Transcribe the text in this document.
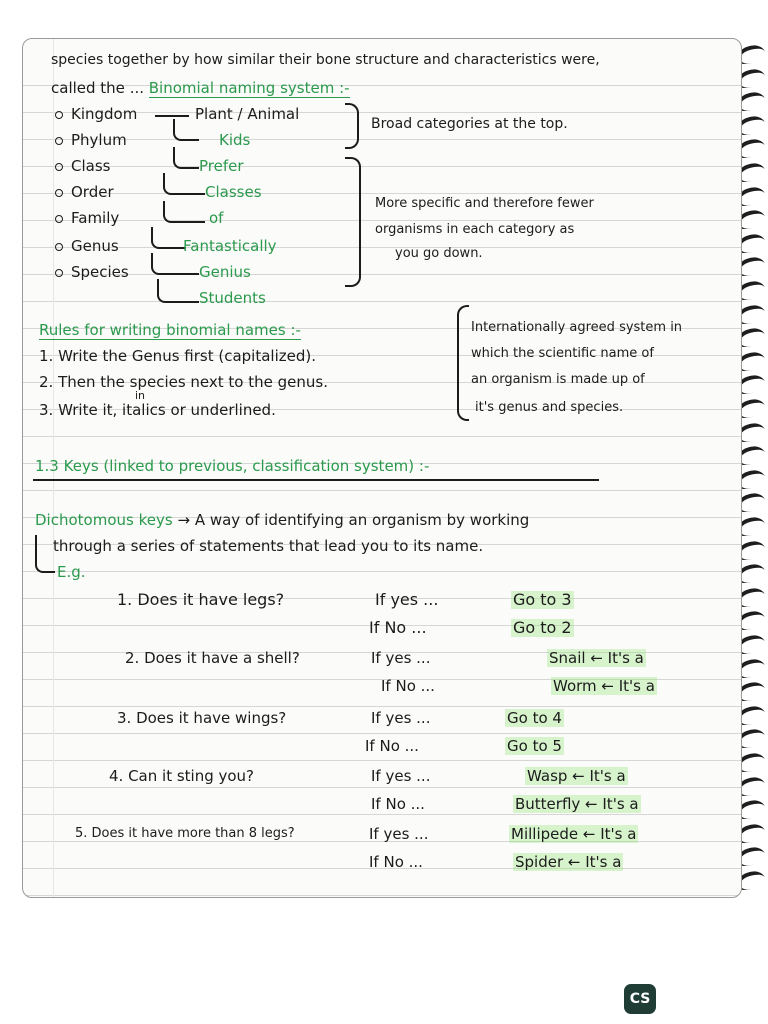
species together by how similar their bone structure and characteristics were,
called the ... Binomial naming system :-
Kingdom
Phylum
Class
Order
Family
Genus
Species
Plant / Animal
Kids
Prefer
Classes
of
Fantastically
Genius
Students
Broad categories at the top.
More specific and therefore fewer
organisms in each category as
you go down.
Rules for writing binomial names :-
1. Write the Genus first (capitalized).
2. Then the species next to the genus.
in
3. Write it, italics or underlined.
Internationally agreed system in
which the scientific name of
an organism is made up of
it's genus and species.
1.3 Keys (linked to previous, classification system) :-
Dichotomous keys → A way of identifying an organism by working
through a series of statements that lead you to its name.
E.g.
1. Does it have legs?	If yes ...	Go to 3
If No ...	Go to 2
2. Does it have a shell?	If yes ...	Snail ← It's a
If No ...	Worm ← It's a
3. Does it have wings?	If yes ...	Go to 4
If No ...	Go to 5
4. Can it sting you?	If yes ...	Wasp ← It's a
If No ...	Butterfly ← It's a
5. Does it have more than 8 legs?	If yes ...	Millipede ← It's a
If No ...	Spider ← It's a
CS
